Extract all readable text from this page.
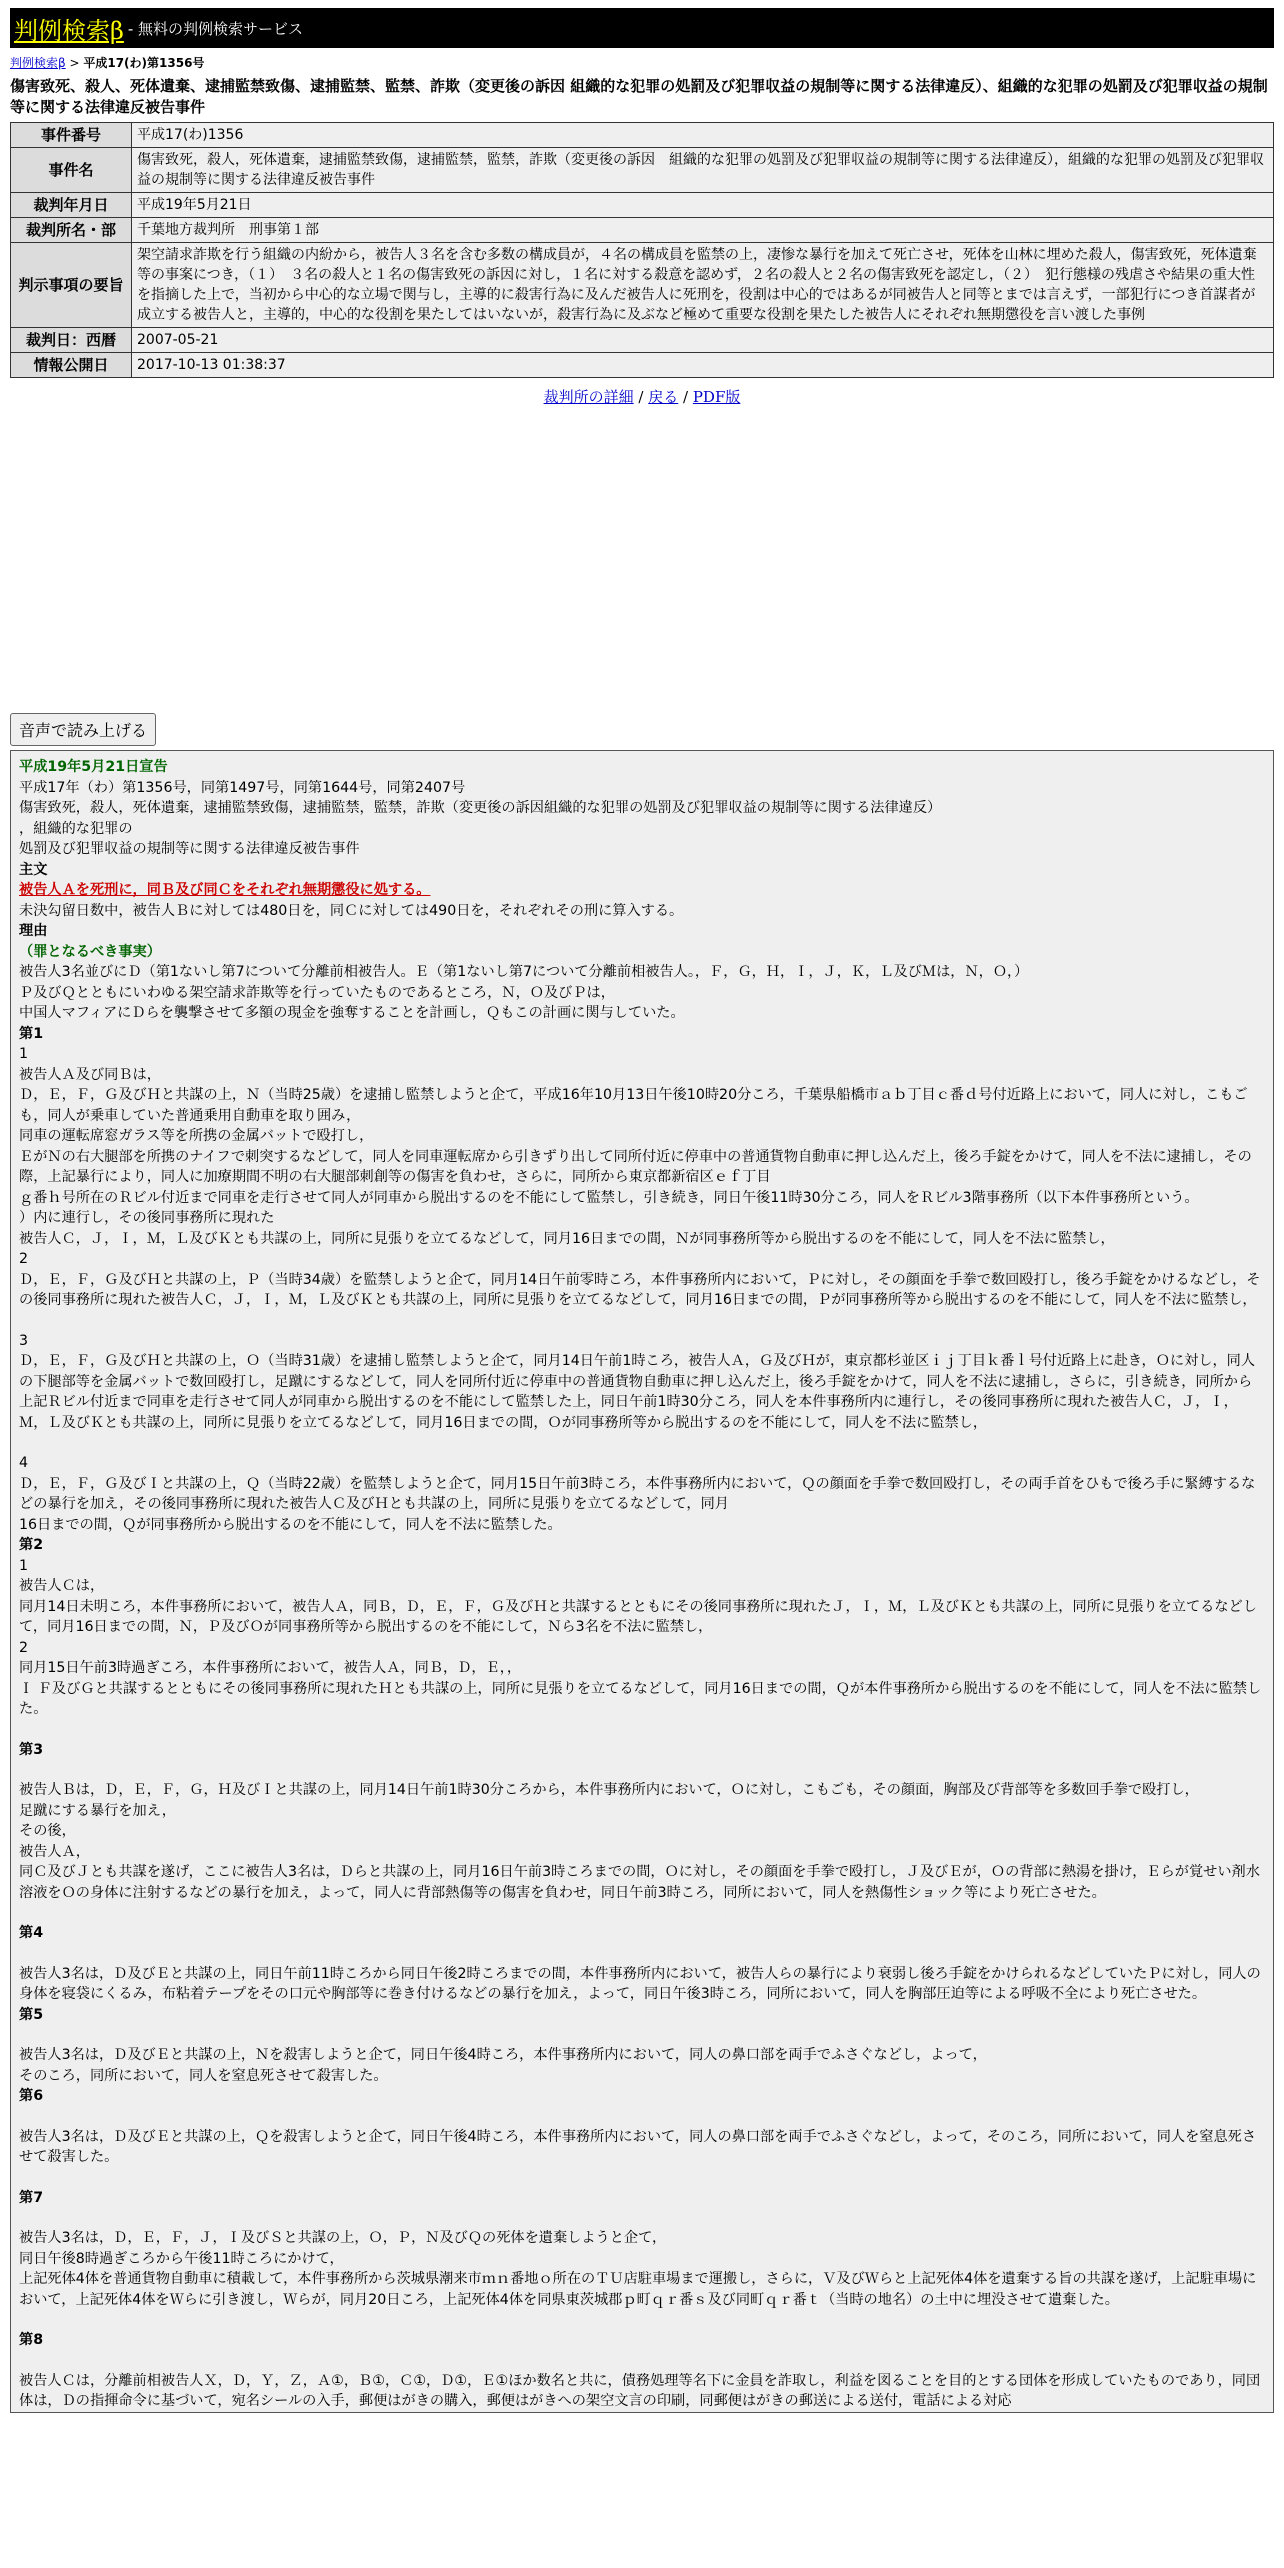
判例検索β - 無料の判例検索サービス
判例検索β > 平成17(わ)第1356号
傷害致死、殺人、死体遺棄、逮捕監禁致傷、逮捕監禁、監禁、詐欺（変更後の訴因 組織的な犯罪の処罰及び犯罪収益の規制等に関する法律違反）、組織的な犯罪の処罰及び犯罪収益の規制等に関する法律違反被告事件
事件番号	平成17(わ)1356
事件名	傷害致死，殺人，死体遺棄，逮捕監禁致傷，逮捕監禁，監禁，詐欺（変更後の訴因　組織的な犯罪の処罰及び犯罪収益の規制等に関する法律違反），組織的な犯罪の処罰及び犯罪収益の規制等に関する法律違反被告事件
裁判年月日	平成19年5月21日
裁判所名・部	千葉地方裁判所　刑事第１部
判示事項の要旨	架空請求詐欺を行う組織の内紛から，被告人３名を含む多数の構成員が，４名の構成員を監禁の上，凄惨な暴行を加えて死亡させ，死体を山林に埋めた殺人，傷害致死，死体遺棄等の事案につき，（１）　３名の殺人と１名の傷害致死の訴因に対し，１名に対する殺意を認めず，２名の殺人と２名の傷害致死を認定し，（２）　犯行態様の残虐さや結果の重大性を指摘した上で，当初から中心的な立場で関与し，主導的に殺害行為に及んだ被告人に死刑を，役割は中心的ではあるが同被告人と同等とまでは言えず，一部犯行につき首謀者が成立する被告人と，主導的，中心的な役割を果たしてはいないが，殺害行為に及ぶなど極めて重要な役割を果たした被告人にそれぞれ無期懲役を言い渡した事例
裁判日：西暦	2007-05-21
情報公開日	2017-10-13 01:38:37
裁判所の詳細 / 戻る / PDF版
音声で読み上げる

平成19年5月21日宣告

平成17年（わ）第1356号，同第1497号，同第1644号，同第2407号

傷害致死，殺人，死体遺棄，逮捕監禁致傷，逮捕監禁，監禁，詐欺（変更後の訴因組織的な犯罪の処罰及び犯罪収益の規制等に関する法律違反）

，組織的な犯罪の

処罰及び犯罪収益の規制等に関する法律違反被告事件

主文

被告人Ａを死刑に，同Ｂ及び同Ｃをそれぞれ無期懲役に処する。

未決勾留日数中，被告人Ｂに対しては480日を，同Ｃに対しては490日を，それぞれその刑に算入する。

理由

（罪となるべき事実）

被告人3名並びにＤ（第1ないし第7について分離前相被告人。Ｅ（第1ないし第7について分離前相被告人。，Ｆ，Ｇ，Ｈ，Ｉ，Ｊ，Ｋ，Ｌ及びＭは，Ｎ，Ｏ，）

Ｐ及びＱとともにいわゆる架空請求詐欺等を行っていたものであるところ，Ｎ，Ｏ及びＰは，

中国人マフィアにＤらを襲撃させて多額の現金を強奪することを計画し，Ｑもこの計画に関与していた。

第1

1

被告人Ａ及び同Ｂは，

Ｄ，Ｅ，Ｆ，Ｇ及びＨと共謀の上，Ｎ（当時25歳）を逮捕し監禁しようと企て，平成16年10月13日午後10時20分ころ，千葉県船橋市ａｂ丁目ｃ番ｄ号付近路上において，同人に対し，こもごも，同人が乗車していた普通乗用自動車を取り囲み，

同車の運転席窓ガラス等を所携の金属バットで殴打し，

ＥがＮの右大腿部を所携のナイフで刺突するなどして，同人を同車運転席から引きずり出して同所付近に停車中の普通貨物自動車に押し込んだ上，後ろ手錠をかけて，同人を不法に逮捕し，その際，上記暴行により，同人に加療期間不明の右大腿部刺創等の傷害を負わせ，さらに，同所から東京都新宿区ｅｆ丁目

ｇ番ｈ号所在のＲビル付近まで同車を走行させて同人が同車から脱出するのを不能にして監禁し，引き続き，同日午後11時30分ころ，同人をＲビル3階事務所（以下本件事務所という。

）内に連行し，その後同事務所に現れた

被告人Ｃ，Ｊ，Ｉ，Ｍ，Ｌ及びＫとも共謀の上，同所に見張りを立てるなどして，同月16日までの間，Ｎが同事務所等から脱出するのを不能にして，同人を不法に監禁し，

2

Ｄ，Ｅ，Ｆ，Ｇ及びＨと共謀の上，Ｐ（当時34歳）を監禁しようと企て，同月14日午前零時ころ，本件事務所内において，Ｐに対し，その顔面を手拳で数回殴打し，後ろ手錠をかけるなどし，その後同事務所に現れた被告人Ｃ，Ｊ，Ｉ，Ｍ，Ｌ及びＫとも共謀の上，同所に見張りを立てるなどして，同月16日までの間，Ｐが同事務所等から脱出するのを不能にして，同人を不法に監禁し，

3

Ｄ，Ｅ，Ｆ，Ｇ及びＨと共謀の上，Ｏ（当時31歳）を逮捕し監禁しようと企て，同月14日午前1時ころ，被告人Ａ，Ｇ及びＨが，東京都杉並区ｉｊ丁目ｋ番ｌ号付近路上に赴き，Ｏに対し，同人の下腿部等を金属バットで数回殴打し，足蹴にするなどして，同人を同所付近に停車中の普通貨物自動車に押し込んだ上，後ろ手錠をかけて，同人を不法に逮捕し，さらに，引き続き，同所から上記Ｒビル付近まで同車を走行させて同人が同車から脱出するのを不能にして監禁した上，同日午前1時30分ころ，同人を本件事務所内に連行し，その後同事務所に現れた被告人Ｃ，Ｊ，Ｉ，Ｍ，Ｌ及びＫとも共謀の上，同所に見張りを立てるなどして，同月16日までの間，Ｏが同事務所等から脱出するのを不能にして，同人を不法に監禁し，

4

Ｄ，Ｅ，Ｆ，Ｇ及びＩと共謀の上，Ｑ（当時22歳）を監禁しようと企て，同月15日午前3時ころ，本件事務所内において，Ｑの顔面を手拳で数回殴打し，その両手首をひもで後ろ手に緊縛するなどの暴行を加え，その後同事務所に現れた被告人Ｃ及びＨとも共謀の上，同所に見張りを立てるなどして，同月

16日までの間，Ｑが同事務所から脱出するのを不能にして，同人を不法に監禁した。

第2

1

被告人Ｃは，

同月14日未明ころ，本件事務所において，被告人Ａ，同Ｂ，Ｄ，Ｅ，Ｆ，Ｇ及びＨと共謀するとともにその後同事務所に現れたＪ，Ｉ，Ｍ，Ｌ及びＫとも共謀の上，同所に見張りを立てるなどして，同月16日までの間，Ｎ，Ｐ及びＯが同事務所等から脱出するのを不能にして，Ｎら3名を不法に監禁し，

2

同月15日午前3時過ぎころ，本件事務所において，被告人Ａ，同Ｂ，Ｄ，Ｅ，，

Ｉ Ｆ及びＧと共謀するとともにその後同事務所に現れたＨとも共謀の上，同所に見張りを立てるなどして，同月16日までの間，Ｑが本件事務所から脱出するのを不能にして，同人を不法に監禁した。

第3

被告人Ｂは，Ｄ，Ｅ，Ｆ，Ｇ，Ｈ及びＩと共謀の上，同月14日午前1時30分ころから，本件事務所内において，Ｏに対し，こもごも，その顔面，胸部及び背部等を多数回手拳で殴打し，

足蹴にする暴行を加え，

その後，

被告人Ａ，

同Ｃ及びＪとも共謀を遂げ，ここに被告人3名は，Ｄらと共謀の上，同月16日午前3時ころまでの間，Ｏに対し，その顔面を手拳で殴打し，Ｊ及びＥが，Ｏの背部に熱湯を掛け，Ｅらが覚せい剤水溶液をＯの身体に注射するなどの暴行を加え，よって，同人に背部熱傷等の傷害を負わせ，同日午前3時ころ，同所において，同人を熱傷性ショック等により死亡させた。

第4

被告人3名は，Ｄ及びＥと共謀の上，同日午前11時ころから同日午後2時ころまでの間，本件事務所内において，被告人らの暴行により衰弱し後ろ手錠をかけられるなどしていたＰに対し，同人の身体を寝袋にくるみ，布粘着テープをその口元や胸部等に巻き付けるなどの暴行を加え，よって，同日午後3時ころ，同所において，同人を胸部圧迫等による呼吸不全により死亡させた。

第5

被告人3名は，Ｄ及びＥと共謀の上，Ｎを殺害しようと企て，同日午後4時ころ，本件事務所内において，同人の鼻口部を両手でふさぐなどし，よって，

そのころ，同所において，同人を窒息死させて殺害した。

第6

被告人3名は，Ｄ及びＥと共謀の上，Ｑを殺害しようと企て，同日午後4時ころ，本件事務所内において，同人の鼻口部を両手でふさぐなどし，よって，そのころ，同所において，同人を窒息死させて殺害した。

第7

被告人3名は，Ｄ，Ｅ，Ｆ，Ｊ，Ｉ及びＳと共謀の上，Ｏ，Ｐ，Ｎ及びＱの死体を遺棄しようと企て，

同日午後8時過ぎころから午後11時ころにかけて，

上記死体4体を普通貨物自動車に積載して，本件事務所から茨城県潮来市ｍｎ番地ｏ所在のＴＵ店駐車場まで運搬し，さらに，Ｖ及びＷらと上記死体4体を遺棄する旨の共謀を遂げ，上記駐車場において，上記死体4体をＷらに引き渡し，Ｗらが，同月20日ころ，上記死体4体を同県東茨城郡ｐ町ｑｒ番ｓ及び同町ｑｒ番ｔ（当時の地名）の土中に埋没させて遺棄した。

第8

被告人Ｃは，分離前相被告人Ｘ，Ｄ，Ｙ，Ｚ，Ａ①，Ｂ①，Ｃ①，Ｄ①，Ｅ①ほか数名と共に，債務処理等名下に金員を詐取し，利益を図ることを目的とする団体を形成していたものであり，同団体は，Ｄの指揮命令に基づいて，宛名シールの入手，郵便はがきの購入，郵便はがきへの架空文言の印刷，同郵便はがきの郵送による送付，電話による対応
